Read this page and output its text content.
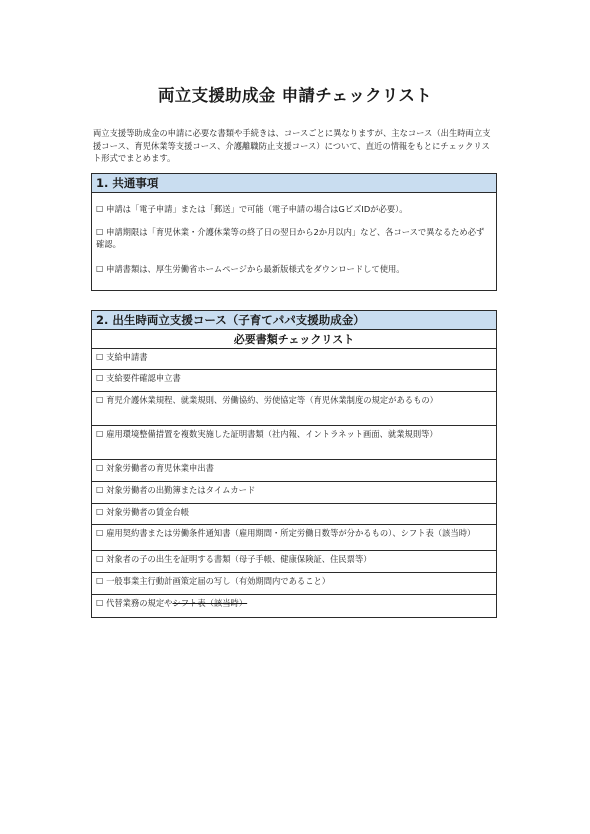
両立支援助成金 申請チェックリスト
両立支援等助成金の申請に必要な書類や手続きは、コースごとに異なりますが、主なコース（出生時両立支援コース、育児休業等支援コース、介護離職防止支援コース）について、直近の情報をもとにチェックリスト形式でまとめます。
1. 共通事項
☐ 申請は「電子申請」または「郵送」で可能（電子申請の場合はGビズIDが必要）。
☐ 申請期限は「育児休業・介護休業等の終了日の翌日から2か月以内」など、各コースで異なるため必ず確認。
☐ 申請書類は、厚生労働省ホームページから最新版様式をダウンロードして使用。
2. 出生時両立支援コース（子育てパパ支援助成金）
必要書類チェックリスト
☐ 支給申請書
☐ 支給要件確認申立書
☐ 育児介護休業規程、就業規則、労働協約、労使協定等（育児休業制度の規定があるもの）
☐ 雇用環境整備措置を複数実施した証明書類（社内報、イントラネット画面、就業規則等）
☐ 対象労働者の育児休業申出書
☐ 対象労働者の出勤簿またはタイムカード
☐ 対象労働者の賃金台帳
☐ 雇用契約書または労働条件通知書（雇用期間・所定労働日数等が分かるもの）、シフト表（該当時）
☐ 対象者の子の出生を証明する書類（母子手帳、健康保険証、住民票等）
☐ 一般事業主行動計画策定届の写し（有効期間内であること）
☐ 代替業務の規定やシフト表（該当時）
